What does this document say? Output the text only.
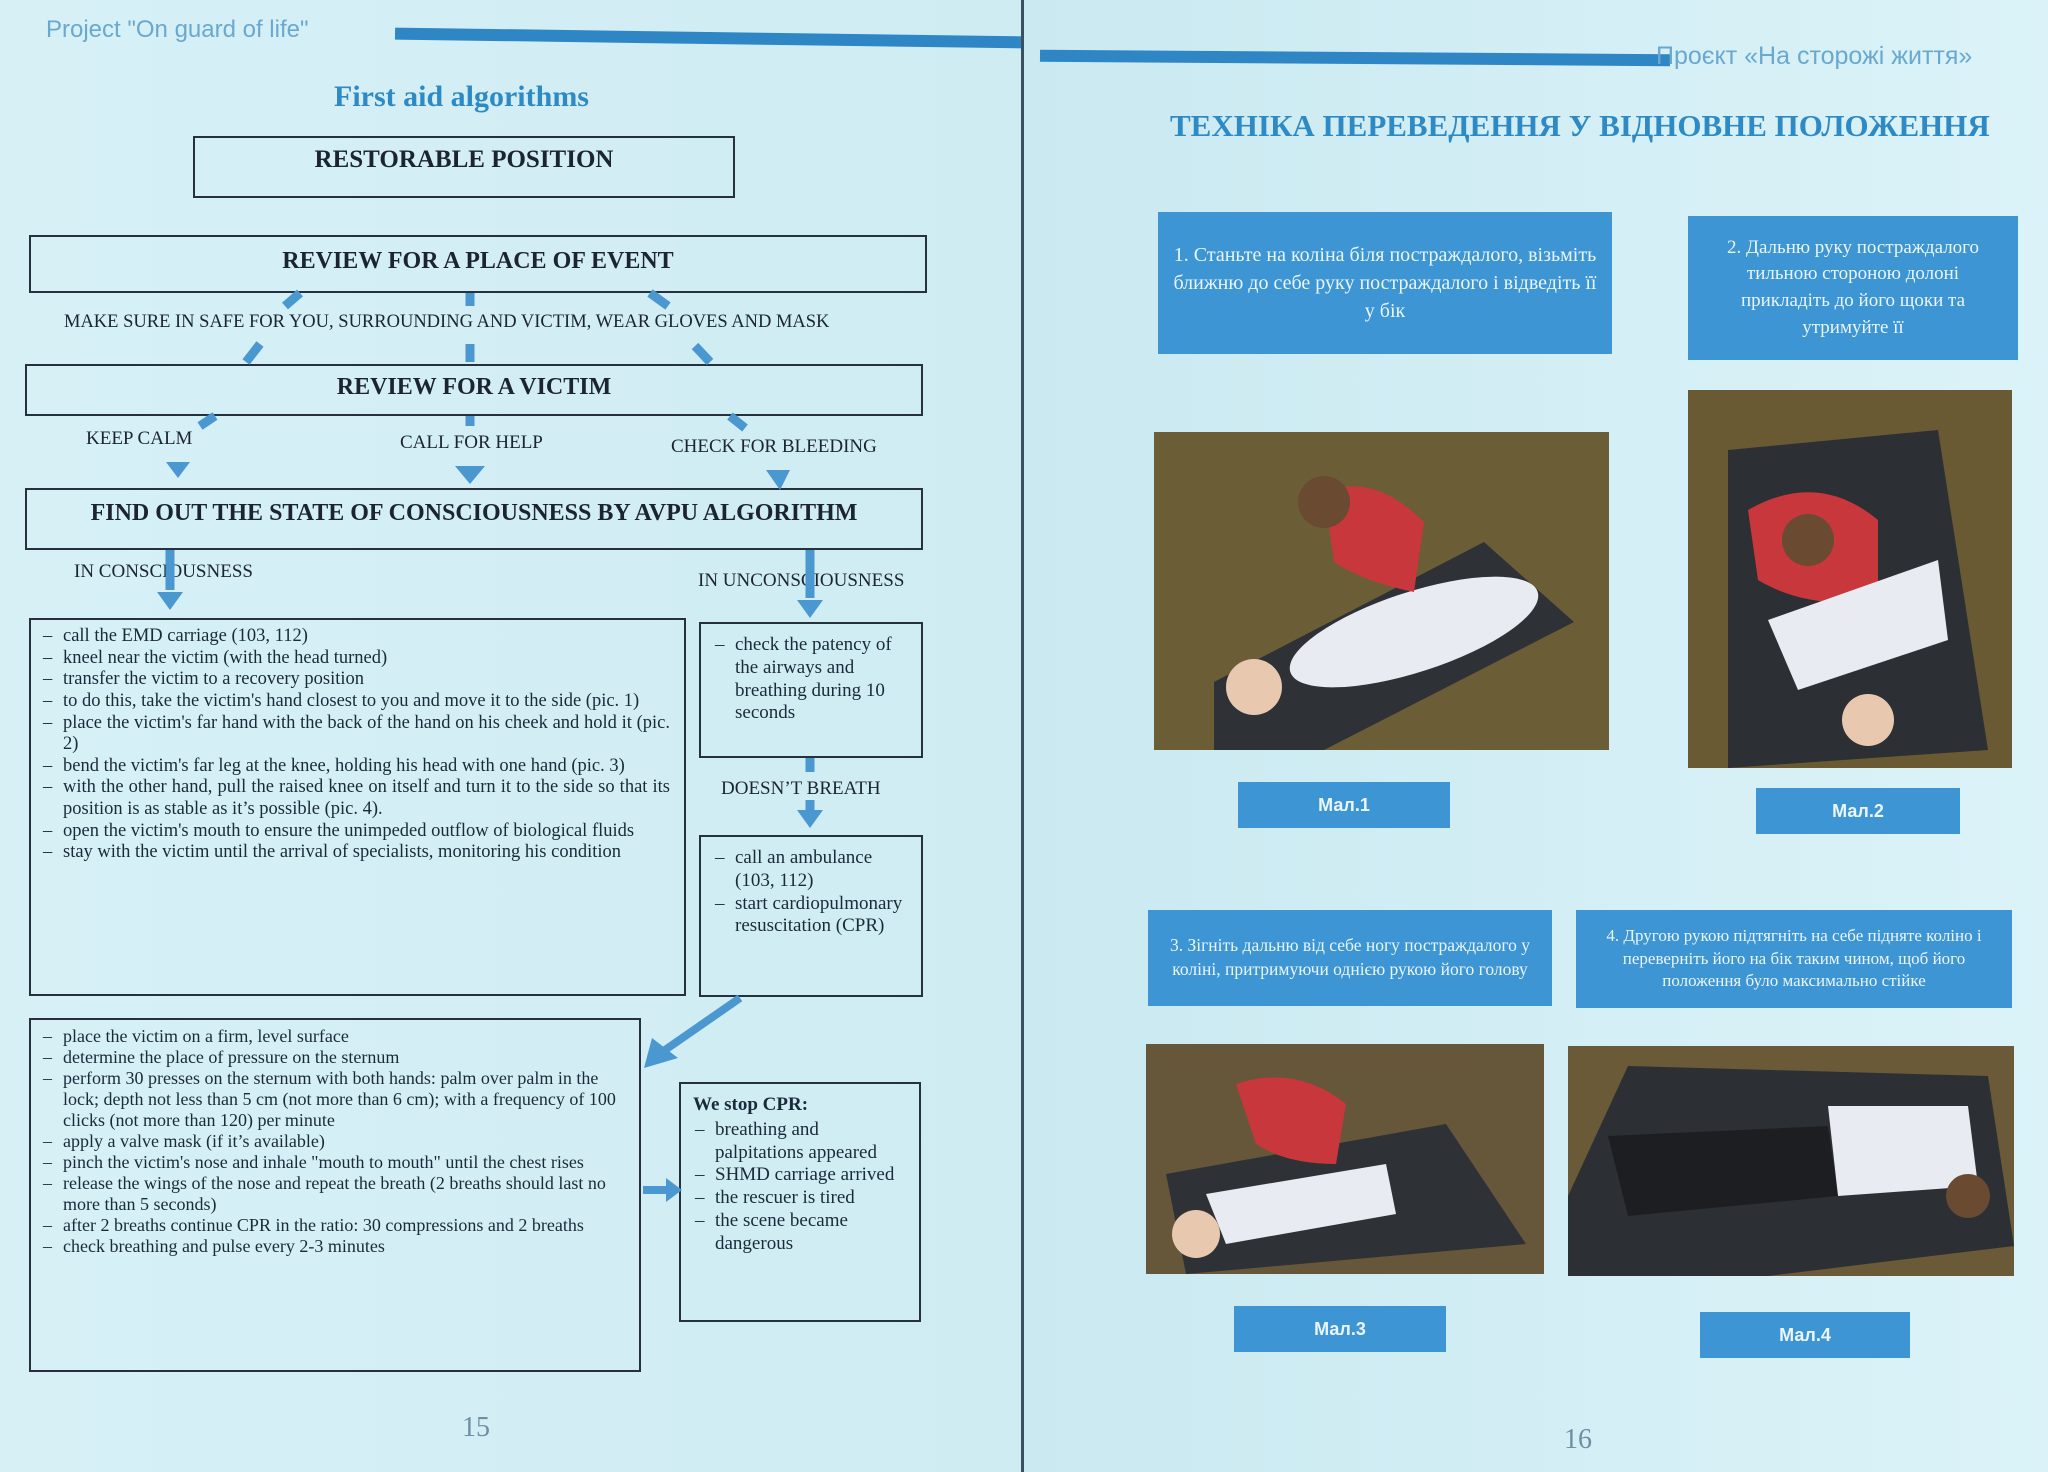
Project "On guard of life"
First aid algorithms
RESTORABLE POSITION
REVIEW FOR A PLACE OF EVENT
MAKE SURE IN SAFE FOR YOU, SURROUNDING AND VICTIM, WEAR GLOVES AND MASK
REVIEW FOR A VICTIM
KEEP CALM	CALL FOR HELP	CHECK FOR BLEEDING
FIND OUT THE STATE OF CONSCIOUSNESS BY AVPU ALGORITHM
IN CONSCIOUSNESS	IN UNCONSCIOUSNESS
– call the EMD carriage (103, 112)
– kneel near the victim (with the head turned)
– transfer the victim to a recovery position
– to do this, take the victim's hand closest to you and move it to the side (pic. 1)
– place the victim's far hand with the back of the hand on his cheek and hold it (pic. 2)
– bend the victim's far leg at the knee, holding his head with one hand (pic. 3)
– with the other hand, pull the raised knee on itself and turn it to the side so that its position is as stable as it’s possible (pic. 4).
– open the victim's mouth to ensure the unimpeded outflow of biological fluids
– stay with the victim until the arrival of specialists, monitoring his condition
– check the patency of the airways and breathing during 10 seconds
DOESN’T BREATH
– call an ambulance (103, 112)
– start cardiopulmonary resuscitation (CPR)
– place the victim on a firm, level surface
– determine the place of pressure on the sternum
– perform 30 presses on the sternum with both hands: palm over palm in the lock; depth not less than 5 cm (not more than 6 cm); with a frequency of 100 clicks (not more than 120) per minute
– apply a valve mask (if it’s available)
– pinch the victim's nose and inhale "mouth to mouth" until the chest rises
– release the wings of the nose and repeat the breath (2 breaths should last no more than 5 seconds)
– after 2 breaths continue CPR in the ratio: 30 compressions and 2 breaths
– check breathing and pulse every 2-3 minutes
We stop CPR:
– breathing and palpitations appeared
– SHMD carriage arrived
– the rescuer is tired
– the scene became dangerous
15
Проєкт «На сторожі життя»
ТЕХНІКА ПЕРЕВЕДЕННЯ У ВІДНОВНЕ ПОЛОЖЕННЯ
1. Станьте на коліна біля постраждалого, візьміть ближню до себе руку постраждалого і відведіть її у бік
2. Дальню руку постраждалого тильною стороною долоні прикладіть до його щоки та утримуйте її
Мал.1	Мал.2
3. Зігніть дальню від себе ногу постраждалого у коліні, притримуючи однією рукою його голову
4. Другою рукою підтягніть на себе підняте коліно і переверніть його на бік таким чином, щоб його положення було максимально стійке
Мал.3	Мал.4
16
